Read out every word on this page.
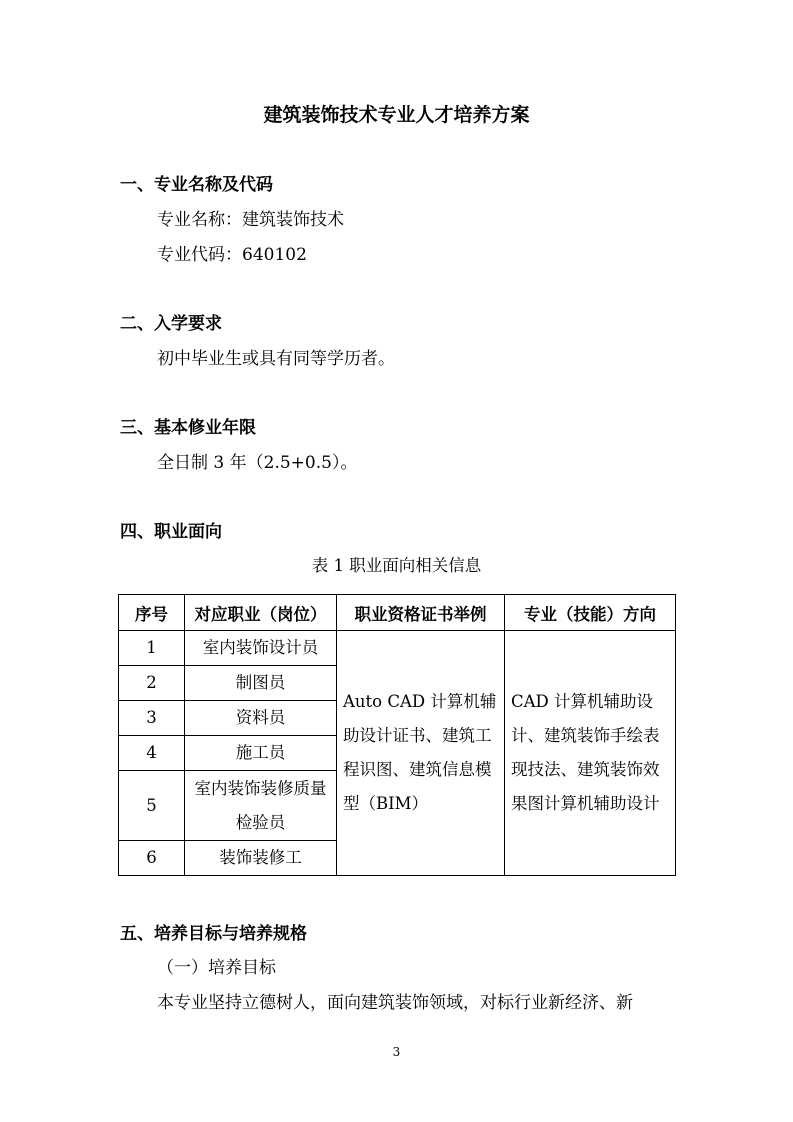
建筑装饰技术专业人才培养方案
一、专业名称及代码
专业名称：建筑装饰技术
专业代码：640102
二、入学要求
初中毕业生或具有同等学历者。
三、基本修业年限
全日制 3 年（2.5+0.5）。
四、职业面向
表 1 职业面向相关信息
序号	对应职业（岗位）	职业资格证书举例	专业（技能）方向
1	室内装饰设计员	Auto CAD 计算机辅助设计证书、建筑工程识图、建筑信息模型（BIM）	CAD 计算机辅助设计、建筑装饰手绘表现技法、建筑装饰效果图计算机辅助设计
2	制图员		
3	资料员		
4	施工员		
5	室内装饰装修质量检验员		
6	装饰装修工		
五、培养目标与培养规格
（一）培养目标
本专业坚持立德树人，面向建筑装饰领域，对标行业新经济、新
3
